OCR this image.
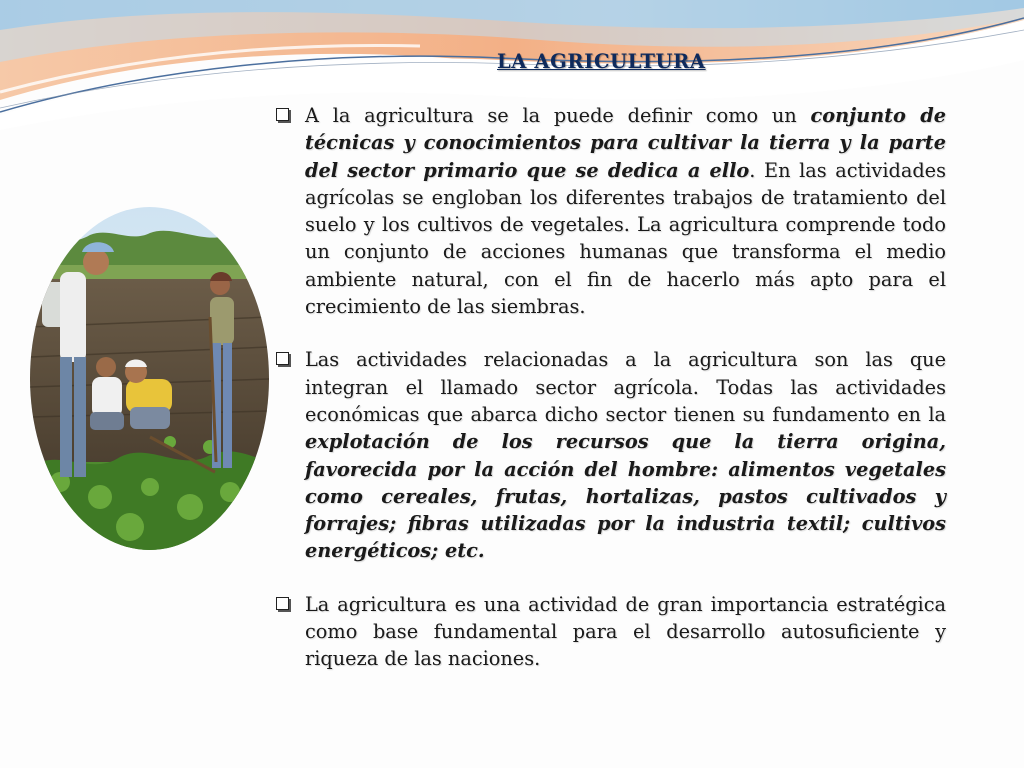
LA AGRICULTURA

A la agricultura se la puede definir como un conjunto de técnicas y conocimientos para cultivar la tierra y la parte del sector primario que se dedica a ello. En las actividades agrícolas se engloban los diferentes trabajos de tratamiento del suelo y los cultivos de vegetales. La agricultura comprende todo un conjunto de acciones humanas que transforma el medio ambiente natural, con el fin de hacerlo más apto para el crecimiento de las siembras.

Las actividades relacionadas a la agricultura son las que integran el llamado sector agrícola. Todas las actividades económicas que abarca dicho sector tienen su fundamento en la explotación de los recursos que la tierra origina, favorecida por la acción del hombre: alimentos vegetales como cereales, frutas, hortalizas, pastos cultivados y forrajes; fibras utilizadas por la industria textil; cultivos energéticos; etc.

La agricultura es una actividad de gran importancia estratégica como base fundamental para el desarrollo autosuficiente y riqueza de las naciones.
